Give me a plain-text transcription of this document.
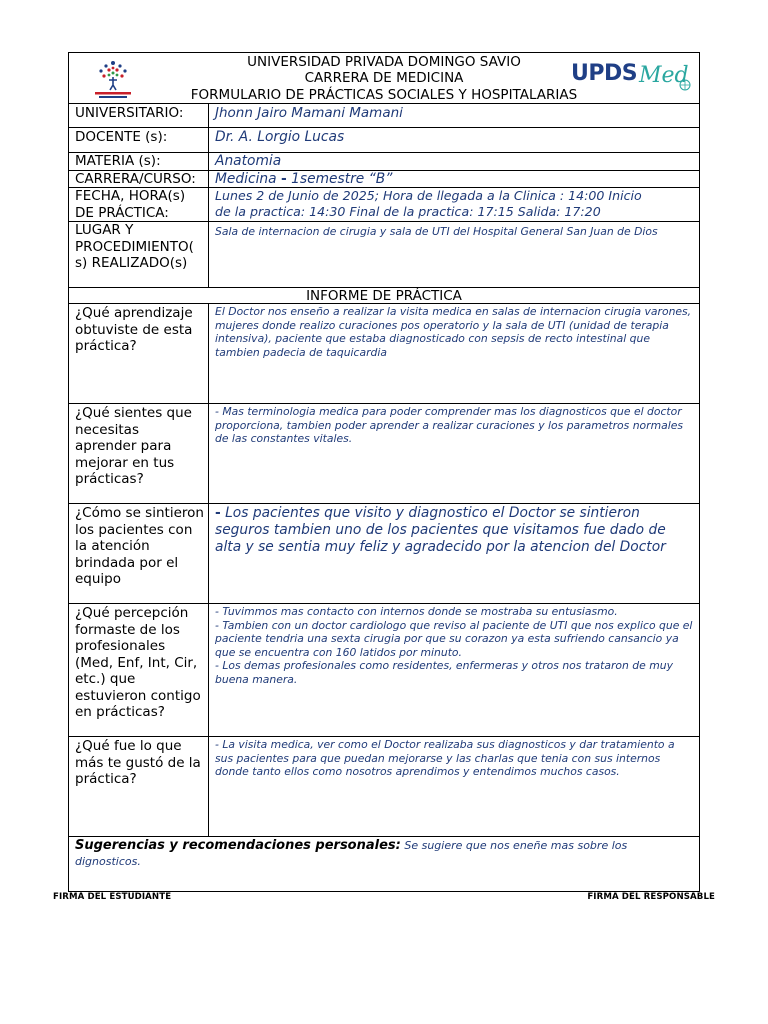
UNIVERSIDAD PRIVADA DOMINGO SAVIO
CARRERA DE MEDICINA
FORMULARIO DE PRÁCTICAS SOCIALES Y HOSPITALARIAS
UPDS Med
UNIVERSITARIO:	Jhonn Jairo Mamani Mamani
DOCENTE (s):	Dr. A. Lorgio Lucas
MATERIA (s):	Anatomia
CARRERA/CURSO:	Medicina - 1semestre “B”
FECHA, HORA(s)
DE PRÁCTICA:
Lunes 2 de Junio de 2025; Hora de llegada a la Clinica : 14:00 Inicio
de la practica: 14:30 Final de la practica: 17:15 Salida: 17:20
LUGAR Y PROCEDIMIENTO( s) REALIZADO(s)
Sala de internacion de cirugia y sala de UTI del Hospital General San Juan de Dios
INFORME DE PRÁCTICA
¿Qué aprendizaje obtuviste de esta práctica?
El Doctor nos enseño a realizar la visita medica en salas de internacion cirugia varones, mujeres donde realizo curaciones pos operatorio y la sala de UTI (unidad de terapia intensiva), paciente que estaba diagnosticado con sepsis de recto intestinal que tambien padecia de taquicardia
¿Qué sientes que necesitas aprender para mejorar en tus prácticas?
- Mas terminologia medica para poder comprender mas los diagnosticos que el doctor proporciona, tambien poder aprender a realizar curaciones y los parametros normales de las constantes vitales.
¿Cómo se sintieron los pacientes con la atención brindada por el equipo
- Los pacientes que visito y diagnostico el Doctor se sintieron seguros tambien uno de los pacientes que visitamos fue dado de alta y se sentia muy feliz y agradecido por la atencion del Doctor
¿Qué percepción formaste de los profesionales (Med, Enf, Int, Cir, etc.) que estuvieron contigo en prácticas?
- Tuvimmos mas contacto con internos donde se mostraba su entusiasmo.
- Tambien con un doctor cardiologo que reviso al paciente de UTI que nos explico que el paciente tendria una sexta cirugia por que su corazon ya esta sufriendo cansancio ya que se encuentra con 160 latidos por minuto.
- Los demas profesionales como residentes, enfermeras y otros nos trataron de muy buena manera.
¿Qué fue lo que más te gustó de la práctica?
- La visita medica, ver como el Doctor realizaba sus diagnosticos y dar tratamiento a sus pacientes para que puedan mejorarse y las charlas que tenia con sus internos donde tanto ellos como nosotros aprendimos y entendimos muchos casos.
Sugerencias y recomendaciones personales: Se sugiere que nos eneñe mas sobre los dignosticos.
FIRMA DEL ESTUDIANTE	FIRMA DEL RESPONSABLE
